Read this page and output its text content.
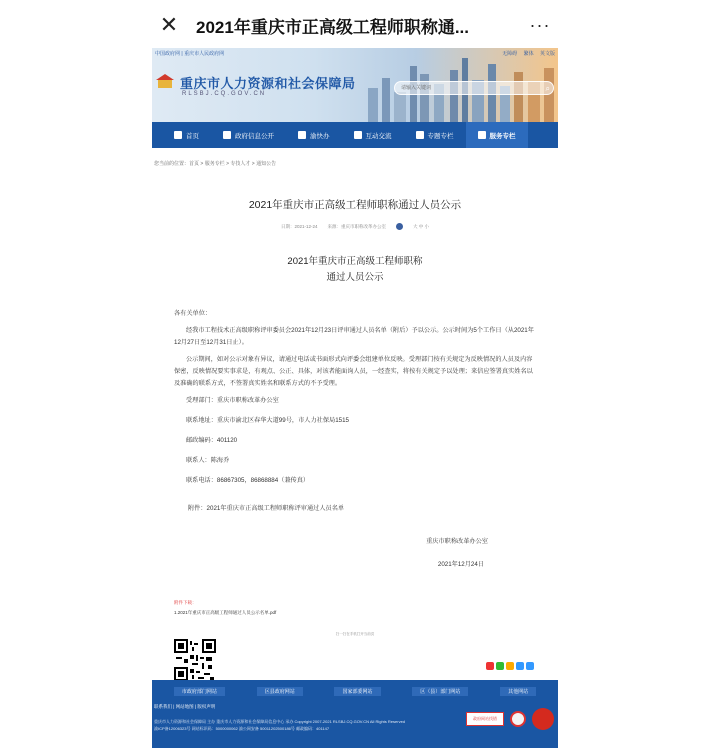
✕	2021年重庆市正高级工程师职称通...	···
中国政府网 | 重庆市人民政府网	无障碍 繁体 英文版
重庆市人力资源和社会保障局
RLSBJ.CQ.GOV.CN
请输入关键词	⌕
首页	政府信息公开	渝快办	互动交流	专题专栏	服务专栏
您当前的位置：首页 > 服务专栏 > 专技人才 > 通知公告
2021年重庆市正高级工程师职称通过人员公示
日期：2021-12-24 来源：重庆市职称改革办公室	大 中 小
2021年重庆市正高级工程师职称
通过人员公示

各有关单位：

经我市工程技术正高级职称评审委员会2021年12月23日评审通过人员名单（附后）予以公示。公示时间为5个工作日（从2021年12月27日至12月31日止）。

公示期间，如对公示对象有异议，请通过电话或书面形式向评委会组建单位反映。受理部门按有关规定为反映情况的人员及内容保密，反映情况要实事求是，有观点、公正、具体，对该者能面询人员，一经查实，将按有关规定予以处理；来信应签署真实姓名以及准确的联系方式，不签署真实姓名和联系方式的不予受理。

受理部门：重庆市职称改革办公室

联系地址：重庆市渝北区春华大道99号，市人力社保局1515

邮政编码：401120

联系人：陈海乔

联系电话：86867305，86868884（兼传真）

附件：2021年重庆市正高级工程师职称评审通过人员名单
重庆市职称改革办公室
2021年12月24日
附件下载：
1.2021年重庆市正高级工程师通过人员公示名单.pdf
扫一扫在手机打开当前页
市政府部门网站	区县政府网站	国家部委网站	区（县）部门网站	其他网站
联系我们 | 网站地图 | 版权声明
重庆市人力资源和社会保障局 主办 重庆市人力资源和社会保障局信息中心 承办 Copyright 2007-2021 RLSBJ.CQ.GOV.CN All Rights Reserved
渝ICP备12006323号 网站标识码：5000000062 渝公网安备 50011202500186号 邮政编码：401147
政府网站找错
